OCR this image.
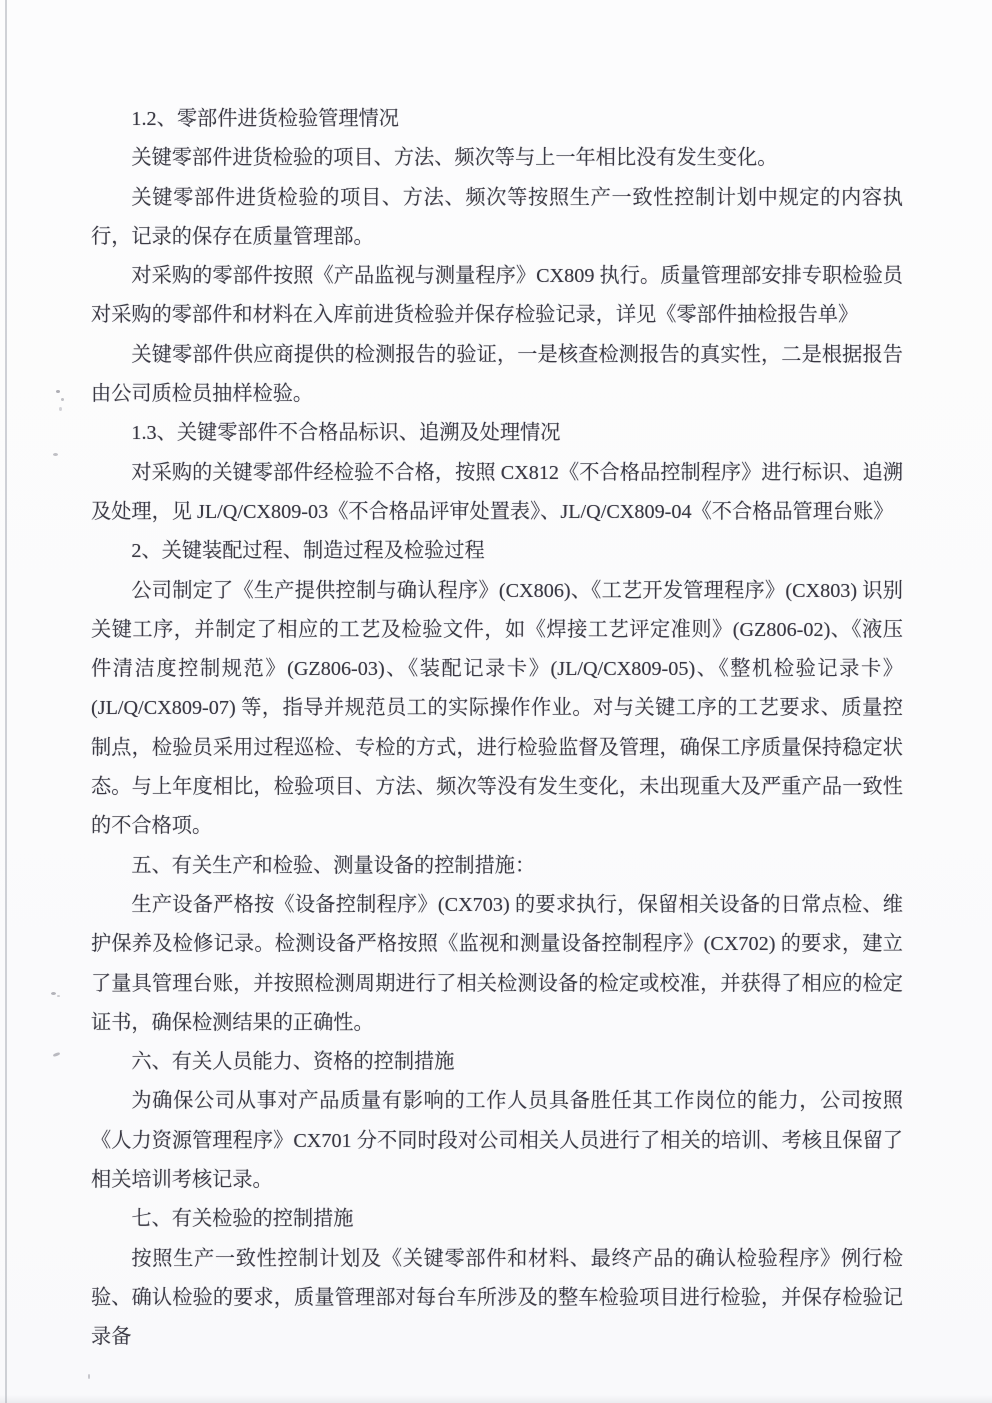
1.2、零部件进货检验管理情况

关键零部件进货检验的项目、方法、频次等与上一年相比没有发生变化。

关键零部件进货检验的项目、方法、频次等按照生产一致性控制计划中规定的内容执行，记录的保存在质量管理部。

对采购的零部件按照《产品监视与测量程序》CX809 执行。质量管理部安排专职检验员对采购的零部件和材料在入库前进货检验并保存检验记录，详见《零部件抽检报告单》

关键零部件供应商提供的检测报告的验证，一是核查检测报告的真实性，二是根据报告由公司质检员抽样检验。

1.3、关键零部件不合格品标识、追溯及处理情况

对采购的关键零部件经检验不合格，按照 CX812《不合格品控制程序》进行标识、追溯及处理，见 JL/Q/CX809-03《不合格品评审处置表》、JL/Q/CX809-04《不合格品管理台账》

2、关键装配过程、制造过程及检验过程

公司制定了《生产提供控制与确认程序》(CX806)、《工艺开发管理程序》(CX803) 识别关键工序，并制定了相应的工艺及检验文件，如《焊接工艺评定准则》(GZ806-02)、《液压件清洁度控制规范》(GZ806-03)、《装配记录卡》(JL/Q/CX809-05)、《整机检验记录卡》(JL/Q/CX809-07) 等，指导并规范员工的实际操作作业。对与关键工序的工艺要求、质量控制点，检验员采用过程巡检、专检的方式，进行检验监督及管理，确保工序质量保持稳定状态。与上年度相比，检验项目、方法、频次等没有发生变化，未出现重大及严重产品一致性的不合格项。

五、有关生产和检验、测量设备的控制措施：

生产设备严格按《设备控制程序》(CX703) 的要求执行，保留相关设备的日常点检、维护保养及检修记录。检测设备严格按照《监视和测量设备控制程序》(CX702) 的要求，建立了量具管理台账，并按照检测周期进行了相关检测设备的检定或校准，并获得了相应的检定证书，确保检测结果的正确性。

六、有关人员能力、资格的控制措施

为确保公司从事对产品质量有影响的工作人员具备胜任其工作岗位的能力，公司按照《人力资源管理程序》CX701 分不同时段对公司相关人员进行了相关的培训、考核且保留了相关培训考核记录。

七、有关检验的控制措施

按照生产一致性控制计划及《关键零部件和材料、最终产品的确认检验程序》例行检验、确认检验的要求，质量管理部对每台车所涉及的整车检验项目进行检验，并保存检验记录备
